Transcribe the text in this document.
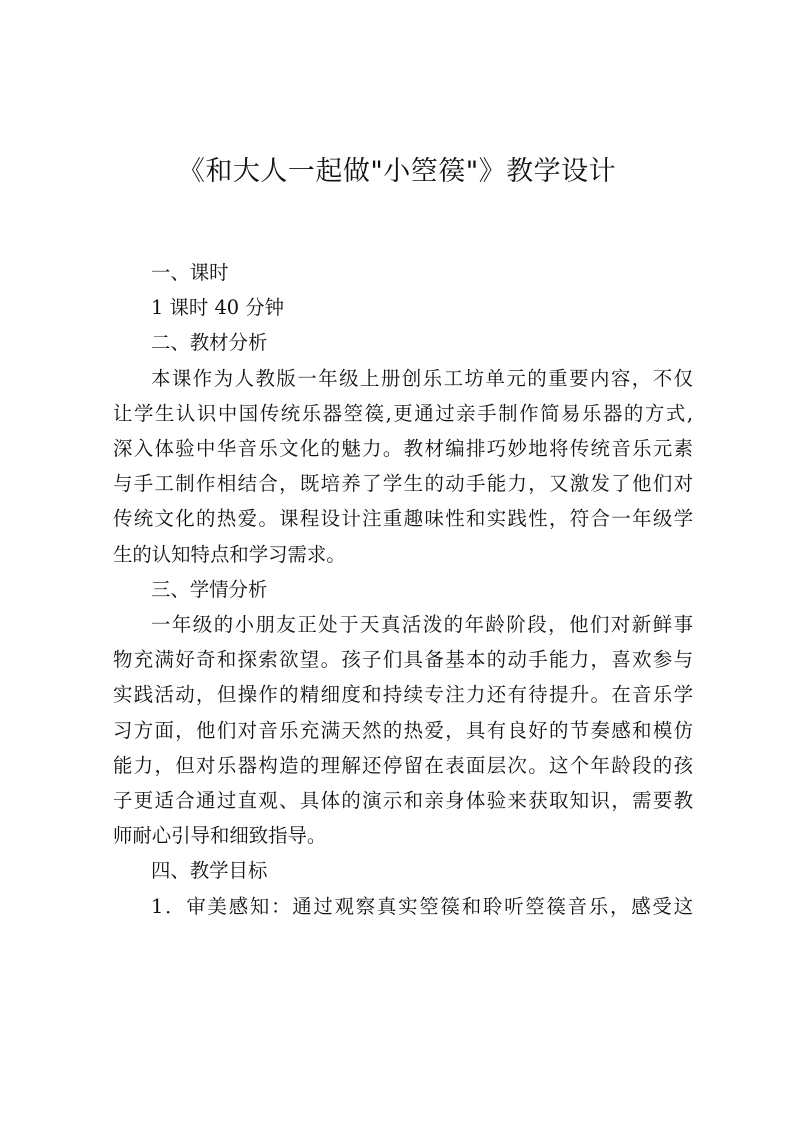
《和大人一起做"小箜篌"》教学设计

一、课时

1 课时 40 分钟

二、教材分析

本课作为人教版一年级上册创乐工坊单元的重要内容，不仅

让学生认识中国传统乐器箜篌,更通过亲手制作简易乐器的方式,

深入体验中华音乐文化的魅力。教材编排巧妙地将传统音乐元素

与手工制作相结合，既培养了学生的动手能力，又激发了他们对

传统文化的热爱。课程设计注重趣味性和实践性，符合一年级学

生的认知特点和学习需求。

三、学情分析

一年级的小朋友正处于天真活泼的年龄阶段，他们对新鲜事

物充满好奇和探索欲望。孩子们具备基本的动手能力，喜欢参与

实践活动，但操作的精细度和持续专注力还有待提升。在音乐学

习方面，他们对音乐充满天然的热爱，具有良好的节奏感和模仿

能力，但对乐器构造的理解还停留在表面层次。这个年龄段的孩

子更适合通过直观、具体的演示和亲身体验来获取知识，需要教

师耐心引导和细致指导。

四、教学目标

1．审美感知：通过观察真实箜篌和聆听箜篌音乐，感受这
